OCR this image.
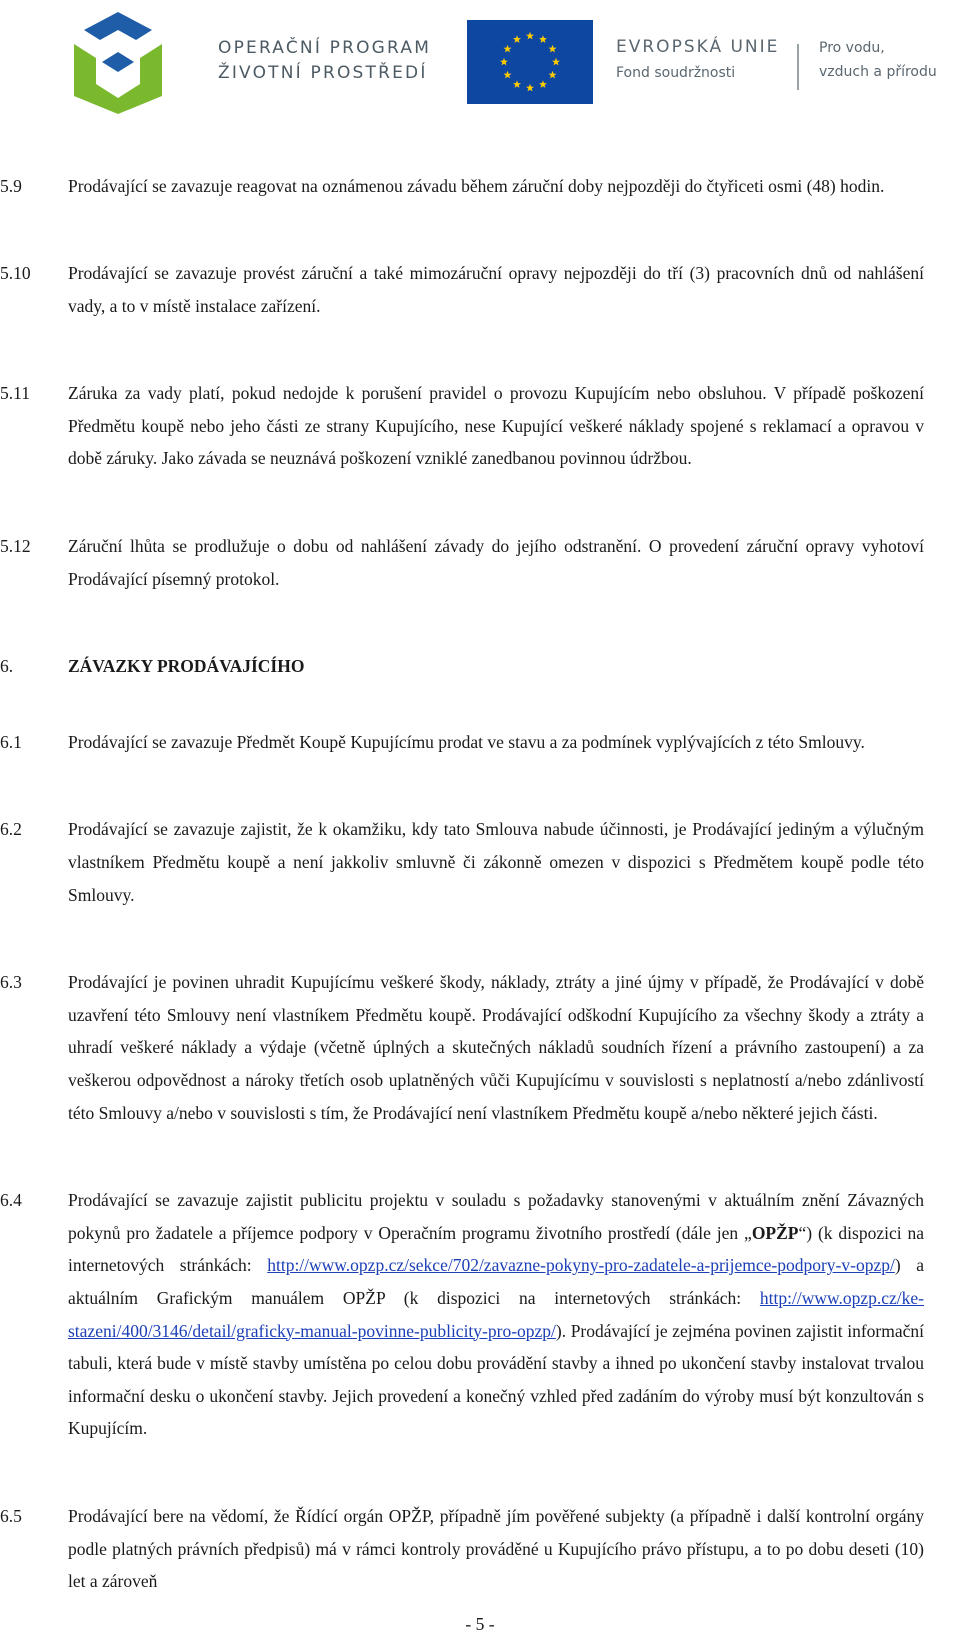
OPERAČNÍ PROGRAM
ŽIVOTNÍ PROSTŘEDÍ
EVROPSKÁ UNIE
Fond soudržnosti
Pro vodu,
vzduch a přírodu
5.9	Prodávající se zavazuje reagovat na oznámenou závadu během záruční doby nejpozději do čtyřiceti osmi (48) hodin.

5.10 Prodávající se zavazuje provést záruční a také mimozáruční opravy nejpozději do tří (3) pracovních dnů od nahlášení vady, a to v místě instalace zařízení.

5.11 Záruka za vady platí, pokud nedojde k porušení pravidel o provozu Kupujícím nebo obsluhou. V případě poškození Předmětu koupě nebo jeho části ze strany Kupujícího, nese Kupující veškeré náklady spojené s reklamací a opravou v době záruky. Jako závada se neuznává poškození vzniklé zanedbanou povinnou údržbou.

5.12 Záruční lhůta se prodlužuje o dobu od nahlášení závady do jejího odstranění. O provedení záruční opravy vyhotoví Prodávající písemný protokol.

6.	ZÁVAZKY PRODÁVAJÍCÍHO

6.1	Prodávající se zavazuje Předmět Koupě Kupujícímu prodat ve stavu a za podmínek vyplývajících z této Smlouvy.

6.2	Prodávající se zavazuje zajistit, že k okamžiku, kdy tato Smlouva nabude účinnosti, je Prodávající jediným a výlučným vlastníkem Předmětu koupě a není jakkoliv smluvně či zákonně omezen v dispozici s Předmětem koupě podle této Smlouvy.

6.3	Prodávající je povinen uhradit Kupujícímu veškeré škody, náklady, ztráty a jiné újmy v případě, že Prodávající v době uzavření této Smlouvy není vlastníkem Předmětu koupě. Prodávající odškodní Kupujícího za všechny škody a ztráty a uhradí veškeré náklady a výdaje (včetně úplných a skutečných nákladů soudních řízení a právního zastoupení) a za veškerou odpovědnost a nároky třetích osob uplatněných vůči Kupujícímu v souvislosti s neplatností a/nebo zdánlivostí této Smlouvy a/nebo v souvislosti s tím, že Prodávající není vlastníkem Předmětu koupě a/nebo některé jejich části.

6.4	Prodávající se zavazuje zajistit publicitu projektu v souladu s požadavky stanovenými v aktuálním znění Závazných pokynů pro žadatele a příjemce podpory v Operačním programu životního prostředí (dále jen „OPŽP“) (k dispozici na internetových stránkách: http://www.opzp.cz/sekce/702/zavazne-pokyny-pro-zadatele-a-prijemce-podpory-v-opzp/) a aktuálním Grafickým manuálem OPŽP (k dispozici na internetových stránkách: http://www.opzp.cz/ke-stazeni/400/3146/detail/graficky-manual-povinne-publicity-pro-opzp/). Prodávající je zejména povinen zajistit informační tabuli, která bude v místě stavby umístěna po celou dobu provádění stavby a ihned po ukončení stavby instalovat trvalou informační desku o ukončení stavby. Jejich provedení a konečný vzhled před zadáním do výroby musí být konzultován s Kupujícím.

6.5	Prodávající bere na vědomí, že Řídící orgán OPŽP, případně jím pověřené subjekty (a případně i další kontrolní orgány podle platných právních předpisů) má v rámci kontroly prováděné u Kupujícího právo přístupu, a to po dobu deseti (10) let a zároveň

- 5 -
